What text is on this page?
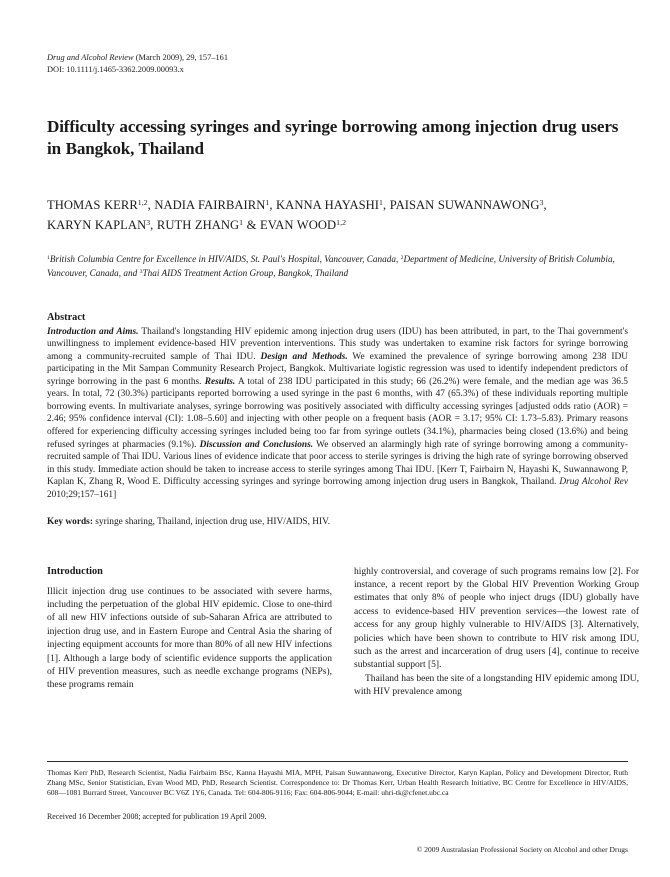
Drug and Alcohol Review (March 2009), 29, 157–161
DOI: 10.1111/j.1465-3362.2009.00093.x
Difficulty accessing syringes and syringe borrowing among injection drug users in Bangkok, Thailand
THOMAS KERR$^{1,2}$, NADIA FAIRBAIRN$^1$, KANNA HAYASHI$^1$, PAISAN SUWANNAWONG$^3$,
KARYN KAPLAN$^3$, RUTH ZHANG$^1$ & EVAN WOOD$^{1,2}$
$^1$British Columbia Centre for Excellence in HIV/AIDS, St. Paul's Hospital, Vancouver, Canada, $^2$Department of Medicine, University of British Columbia, Vancouver, Canada, and $^3$Thai AIDS Treatment Action Group, Bangkok, Thailand
Abstract
Introduction and Aims. Thailand's longstanding HIV epidemic among injection drug users (IDU) has been attributed, in part, to the Thai government's unwillingness to implement evidence-based HIV prevention interventions. This study was undertaken to examine risk factors for syringe borrowing among a community-recruited sample of Thai IDU. Design and Methods. We examined the prevalence of syringe borrowing among 238 IDU participating in the Mit Sampan Community Research Project, Bangkok. Multivariate logistic regression was used to identify independent predictors of syringe borrowing in the past 6 months. Results. A total of 238 IDU participated in this study; 66 (26.2%) were female, and the median age was 36.5 years. In total, 72 (30.3%) participants reported borrowing a used syringe in the past 6 months, with 47 (65.3%) of these individuals reporting multiple borrowing events. In multivariate analyses, syringe borrowing was positively associated with difficulty accessing syringes [adjusted odds ratio (AOR) = 2.46; 95% confidence interval (CI): 1.08–5.60] and injecting with other people on a frequent basis (AOR = 3.17; 95% CI: 1.73–5.83). Primary reasons offered for experiencing difficulty accessing syringes included being too far from syringe outlets (34.1%), pharmacies being closed (13.6%) and being refused syringes at pharmacies (9.1%). Discussion and Conclusions. We observed an alarmingly high rate of syringe borrowing among a community-recruited sample of Thai IDU. Various lines of evidence indicate that poor access to sterile syringes is driving the high rate of syringe borrowing observed in this study. Immediate action should be taken to increase access to sterile syringes among Thai IDU. [Kerr T, Fairbairn N, Hayashi K, Suwannawong P, Kaplan K, Zhang R, Wood E. Difficulty accessing syringes and syringe borrowing among injection drug users in Bangkok, Thailand. Drug Alcohol Rev 2010;29;157–161]
Key words: syringe sharing, Thailand, injection drug use, HIV/AIDS, HIV.
Introduction

Illicit injection drug use continues to be associated with severe harms, including the perpetuation of the global HIV epidemic. Close to one-third of all new HIV infections outside of sub-Saharan Africa are attributed to injection drug use, and in Eastern Europe and Central Asia the sharing of injecting equipment accounts for more than 80% of all new HIV infections [1]. Although a large body of scientific evidence supports the application of HIV prevention measures, such as needle exchange programs (NEPs), these programs remain

highly controversial, and coverage of such programs remains low [2]. For instance, a recent report by the Global HIV Prevention Working Group estimates that only 8% of people who inject drugs (IDU) globally have access to evidence-based HIV prevention services—the lowest rate of access for any group highly vulnerable to HIV/AIDS [3]. Alternatively, policies which have been shown to contribute to HIV risk among IDU, such as the arrest and incarceration of drug users [4], continue to receive substantial support [5].

Thailand has been the site of a longstanding HIV epidemic among IDU, with HIV prevalence among

Thomas Kerr PhD, Research Scientist, Nadia Fairbairn BSc, Kanna Hayashi MIA, MPH, Paisan Suwannawong, Executive Director, Karyn Kaplan, Policy and Development Director, Ruth Zhang MSc, Senior Statistician, Evan Wood MD, PhD, Research Scientist. Correspondence to: Dr Thomas Kerr, Urban Health Research Initiative, BC Centre for Excellence in HIV/AIDS, 608—1081 Burrard Street, Vancouver BC V6Z 1Y6, Canada. Tel: 604-806-9116; Fax: 604-806-9044; E-mail: uhri-tk@cfenet.ubc.ca
Received 16 December 2008; accepted for publication 19 April 2009.
© 2009 Australasian Professional Society on Alcohol and other Drugs
